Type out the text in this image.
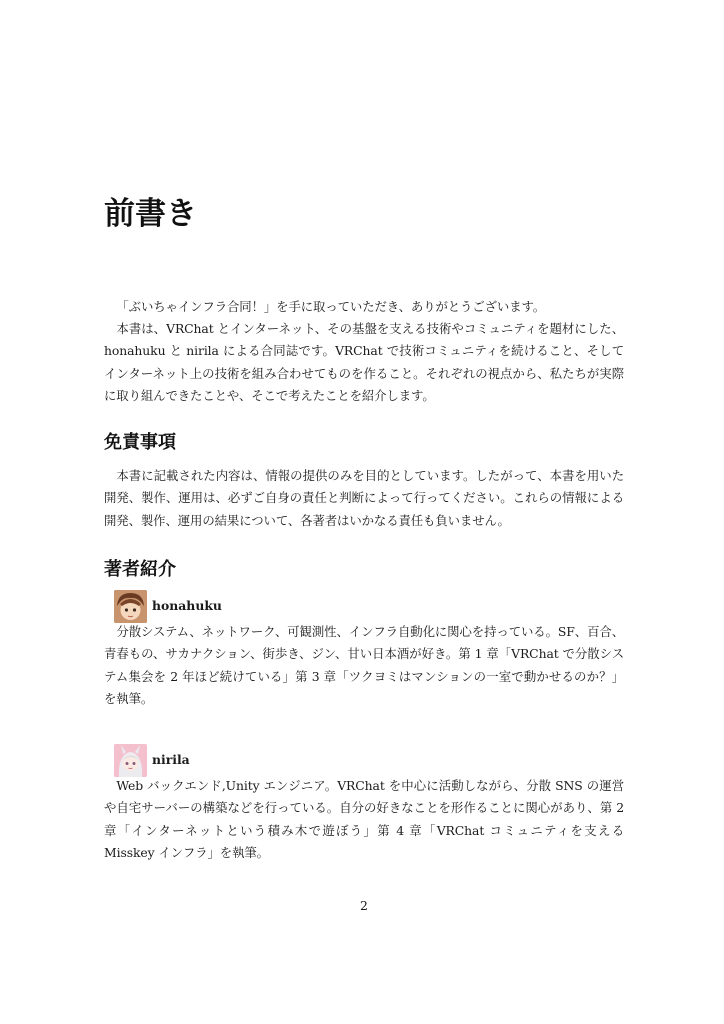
前書き

「ぶいちゃインフラ合同！」を手に取っていただき、ありがとうございます。

本書は、VRChat とインターネット、その基盤を支える技術やコミュニティを題材にした、honahuku と nirila による合同誌です。VRChat で技術コミュニティを続けること、そしてインターネット上の技術を組み合わせてものを作ること。それぞれの視点から、私たちが実際に取り組んできたことや、そこで考えたことを紹介します。

免責事項

本書に記載された内容は、情報の提供のみを目的としています。したがって、本書を用いた開発、製作、運用は、必ずご自身の責任と判断によって行ってください。これらの情報による開発、製作、運用の結果について、各著者はいかなる責任も負いません。

著者紹介
honahuku

分散システム、ネットワーク、可観測性、インフラ自動化に関心を持っている。SF、百合、青春もの、サカナクション、街歩き、ジン、甘い日本酒が好き。第 1 章「VRChat で分散システム集会を 2 年ほど続けている」第 3 章「ツクヨミはマンションの一室で動かせるのか？」を執筆。

nirila

Web バックエンド,Unity エンジニア。VRChat を中心に活動しながら、分散 SNS の運営や自宅サーバーの構築などを行っている。自分の好きなことを形作ることに関心があり、第 2 章「インターネットという積み木で遊ぼう」第 4 章「VRChat コミュニティを支える Misskey インフラ」を執筆。

2
